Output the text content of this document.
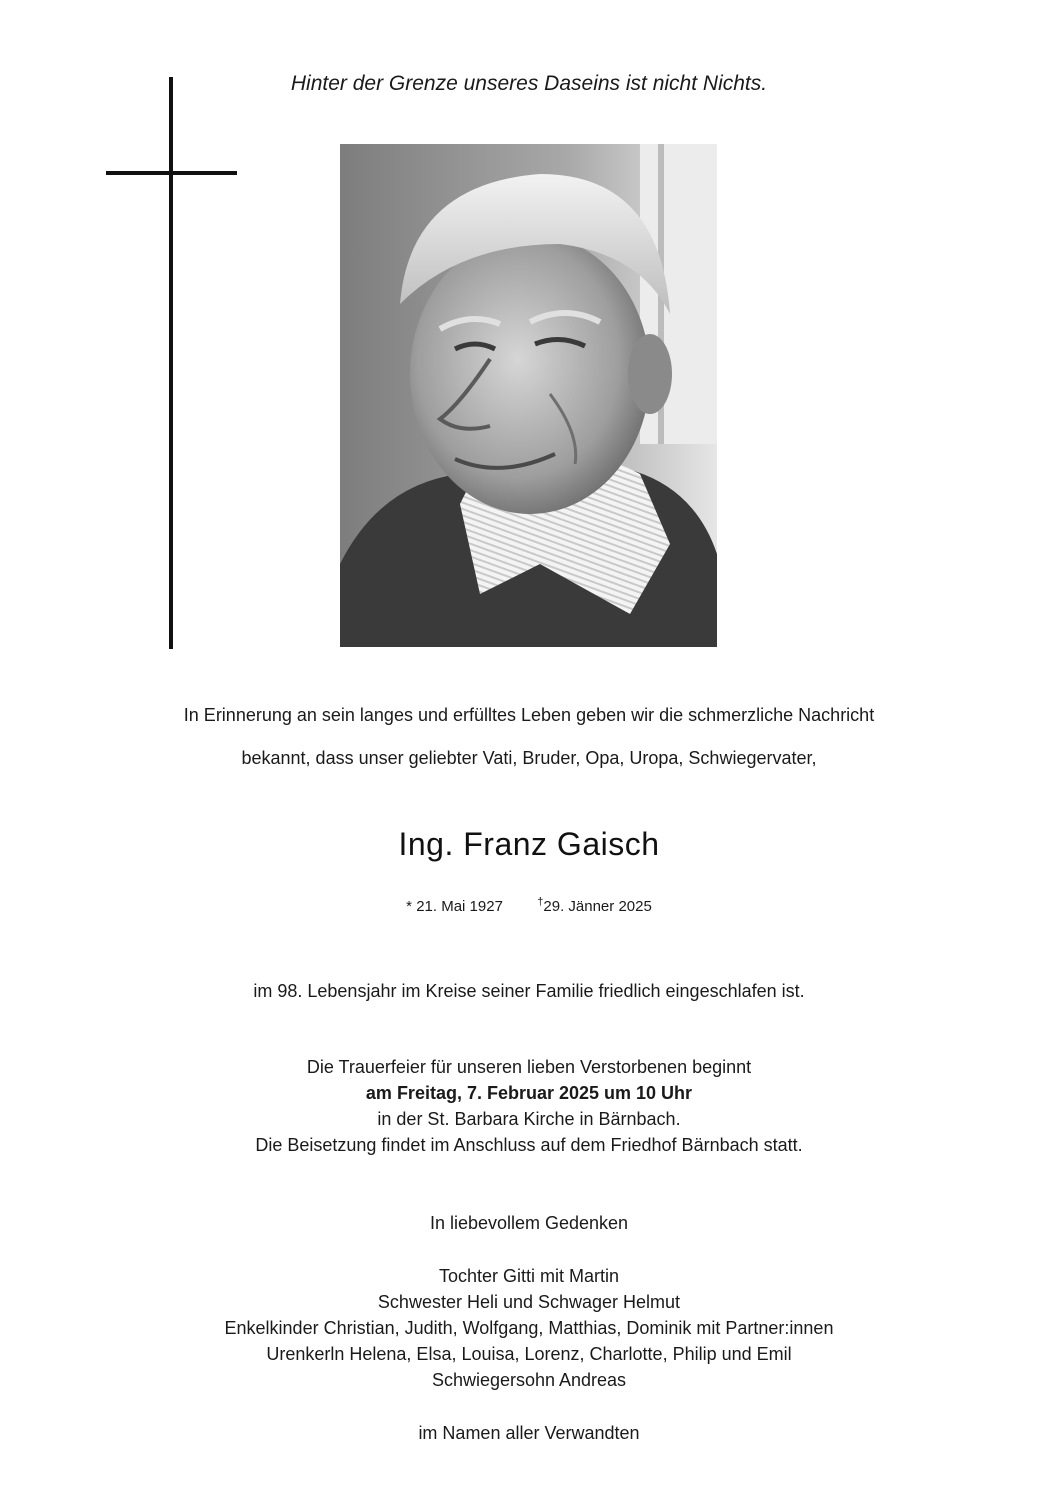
Hinter der Grenze unseres Daseins ist nicht Nichts.
In Erinnerung an sein langes und erfülltes Leben geben wir die schmerzliche Nachricht
bekannt, dass unser geliebter Vati, Bruder, Opa, Uropa, Schwiegervater,
Ing. Franz Gaisch
* 21. Mai 1927	†29. Jänner 2025
im 98. Lebensjahr im Kreise seiner Familie friedlich eingeschlafen ist.
Die Trauerfeier für unseren lieben Verstorbenen beginnt
am Freitag, 7. Februar 2025 um 10 Uhr
in der St. Barbara Kirche in Bärnbach.
Die Beisetzung findet im Anschluss auf dem Friedhof Bärnbach statt.
In liebevollem Gedenken
Tochter Gitti mit Martin
Schwester Heli und Schwager Helmut
Enkelkinder Christian, Judith, Wolfgang, Matthias, Dominik mit Partner:innen
Urenkerln Helena, Elsa, Louisa, Lorenz, Charlotte, Philip und Emil
Schwiegersohn Andreas
im Namen aller Verwandten
